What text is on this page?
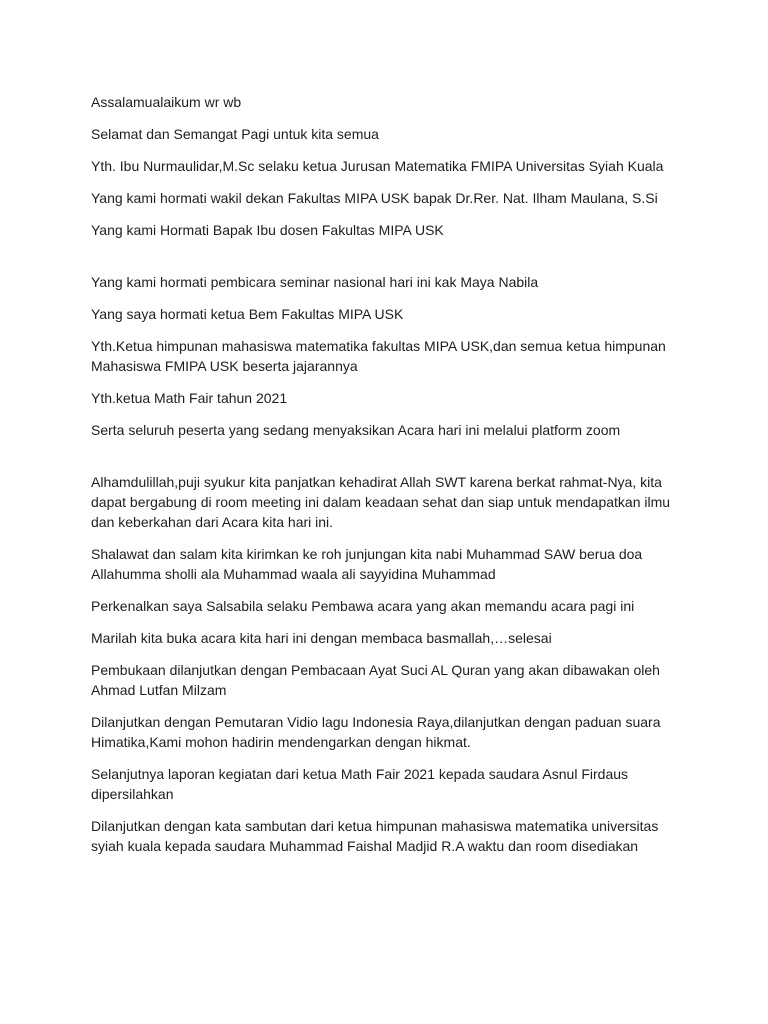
Assalamualaikum wr wb

Selamat dan Semangat Pagi untuk kita semua

Yth. Ibu Nurmaulidar,M.Sc selaku ketua Jurusan Matematika FMIPA Universitas Syiah Kuala

Yang kami hormati wakil dekan Fakultas MIPA USK bapak Dr.Rer. Nat. Ilham Maulana, S.Si

Yang kami Hormati Bapak Ibu dosen Fakultas MIPA USK

Yang kami hormati pembicara seminar nasional hari ini kak Maya Nabila

Yang saya hormati ketua Bem Fakultas MIPA USK

Yth.Ketua himpunan mahasiswa matematika fakultas MIPA USK,dan semua ketua himpunan Mahasiswa FMIPA USK beserta jajarannya

Yth.ketua Math Fair tahun 2021

Serta seluruh peserta yang sedang menyaksikan Acara hari ini melalui platform zoom

Alhamdulillah,puji syukur kita panjatkan kehadirat Allah SWT karena berkat rahmat-Nya, kita dapat bergabung di room meeting ini dalam keadaan sehat dan siap untuk mendapatkan ilmu dan keberkahan dari Acara kita hari ini.

Shalawat dan salam kita kirimkan ke roh junjungan kita nabi Muhammad SAW berua doa Allahumma sholli ala Muhammad waala ali sayyidina Muhammad

Perkenalkan saya Salsabila selaku Pembawa acara yang akan memandu acara pagi ini

Marilah kita buka acara kita hari ini dengan membaca basmallah,…selesai

Pembukaan dilanjutkan dengan Pembacaan Ayat Suci AL Quran yang akan dibawakan oleh Ahmad Lutfan Milzam

Dilanjutkan dengan Pemutaran Vidio lagu Indonesia Raya,dilanjutkan dengan paduan suara Himatika,Kami mohon hadirin mendengarkan dengan hikmat.

Selanjutnya laporan kegiatan dari ketua Math Fair 2021 kepada saudara Asnul Firdaus dipersilahkan

Dilanjutkan dengan kata sambutan dari ketua himpunan mahasiswa matematika universitas syiah kuala kepada saudara Muhammad Faishal Madjid R.A waktu dan room disediakan
